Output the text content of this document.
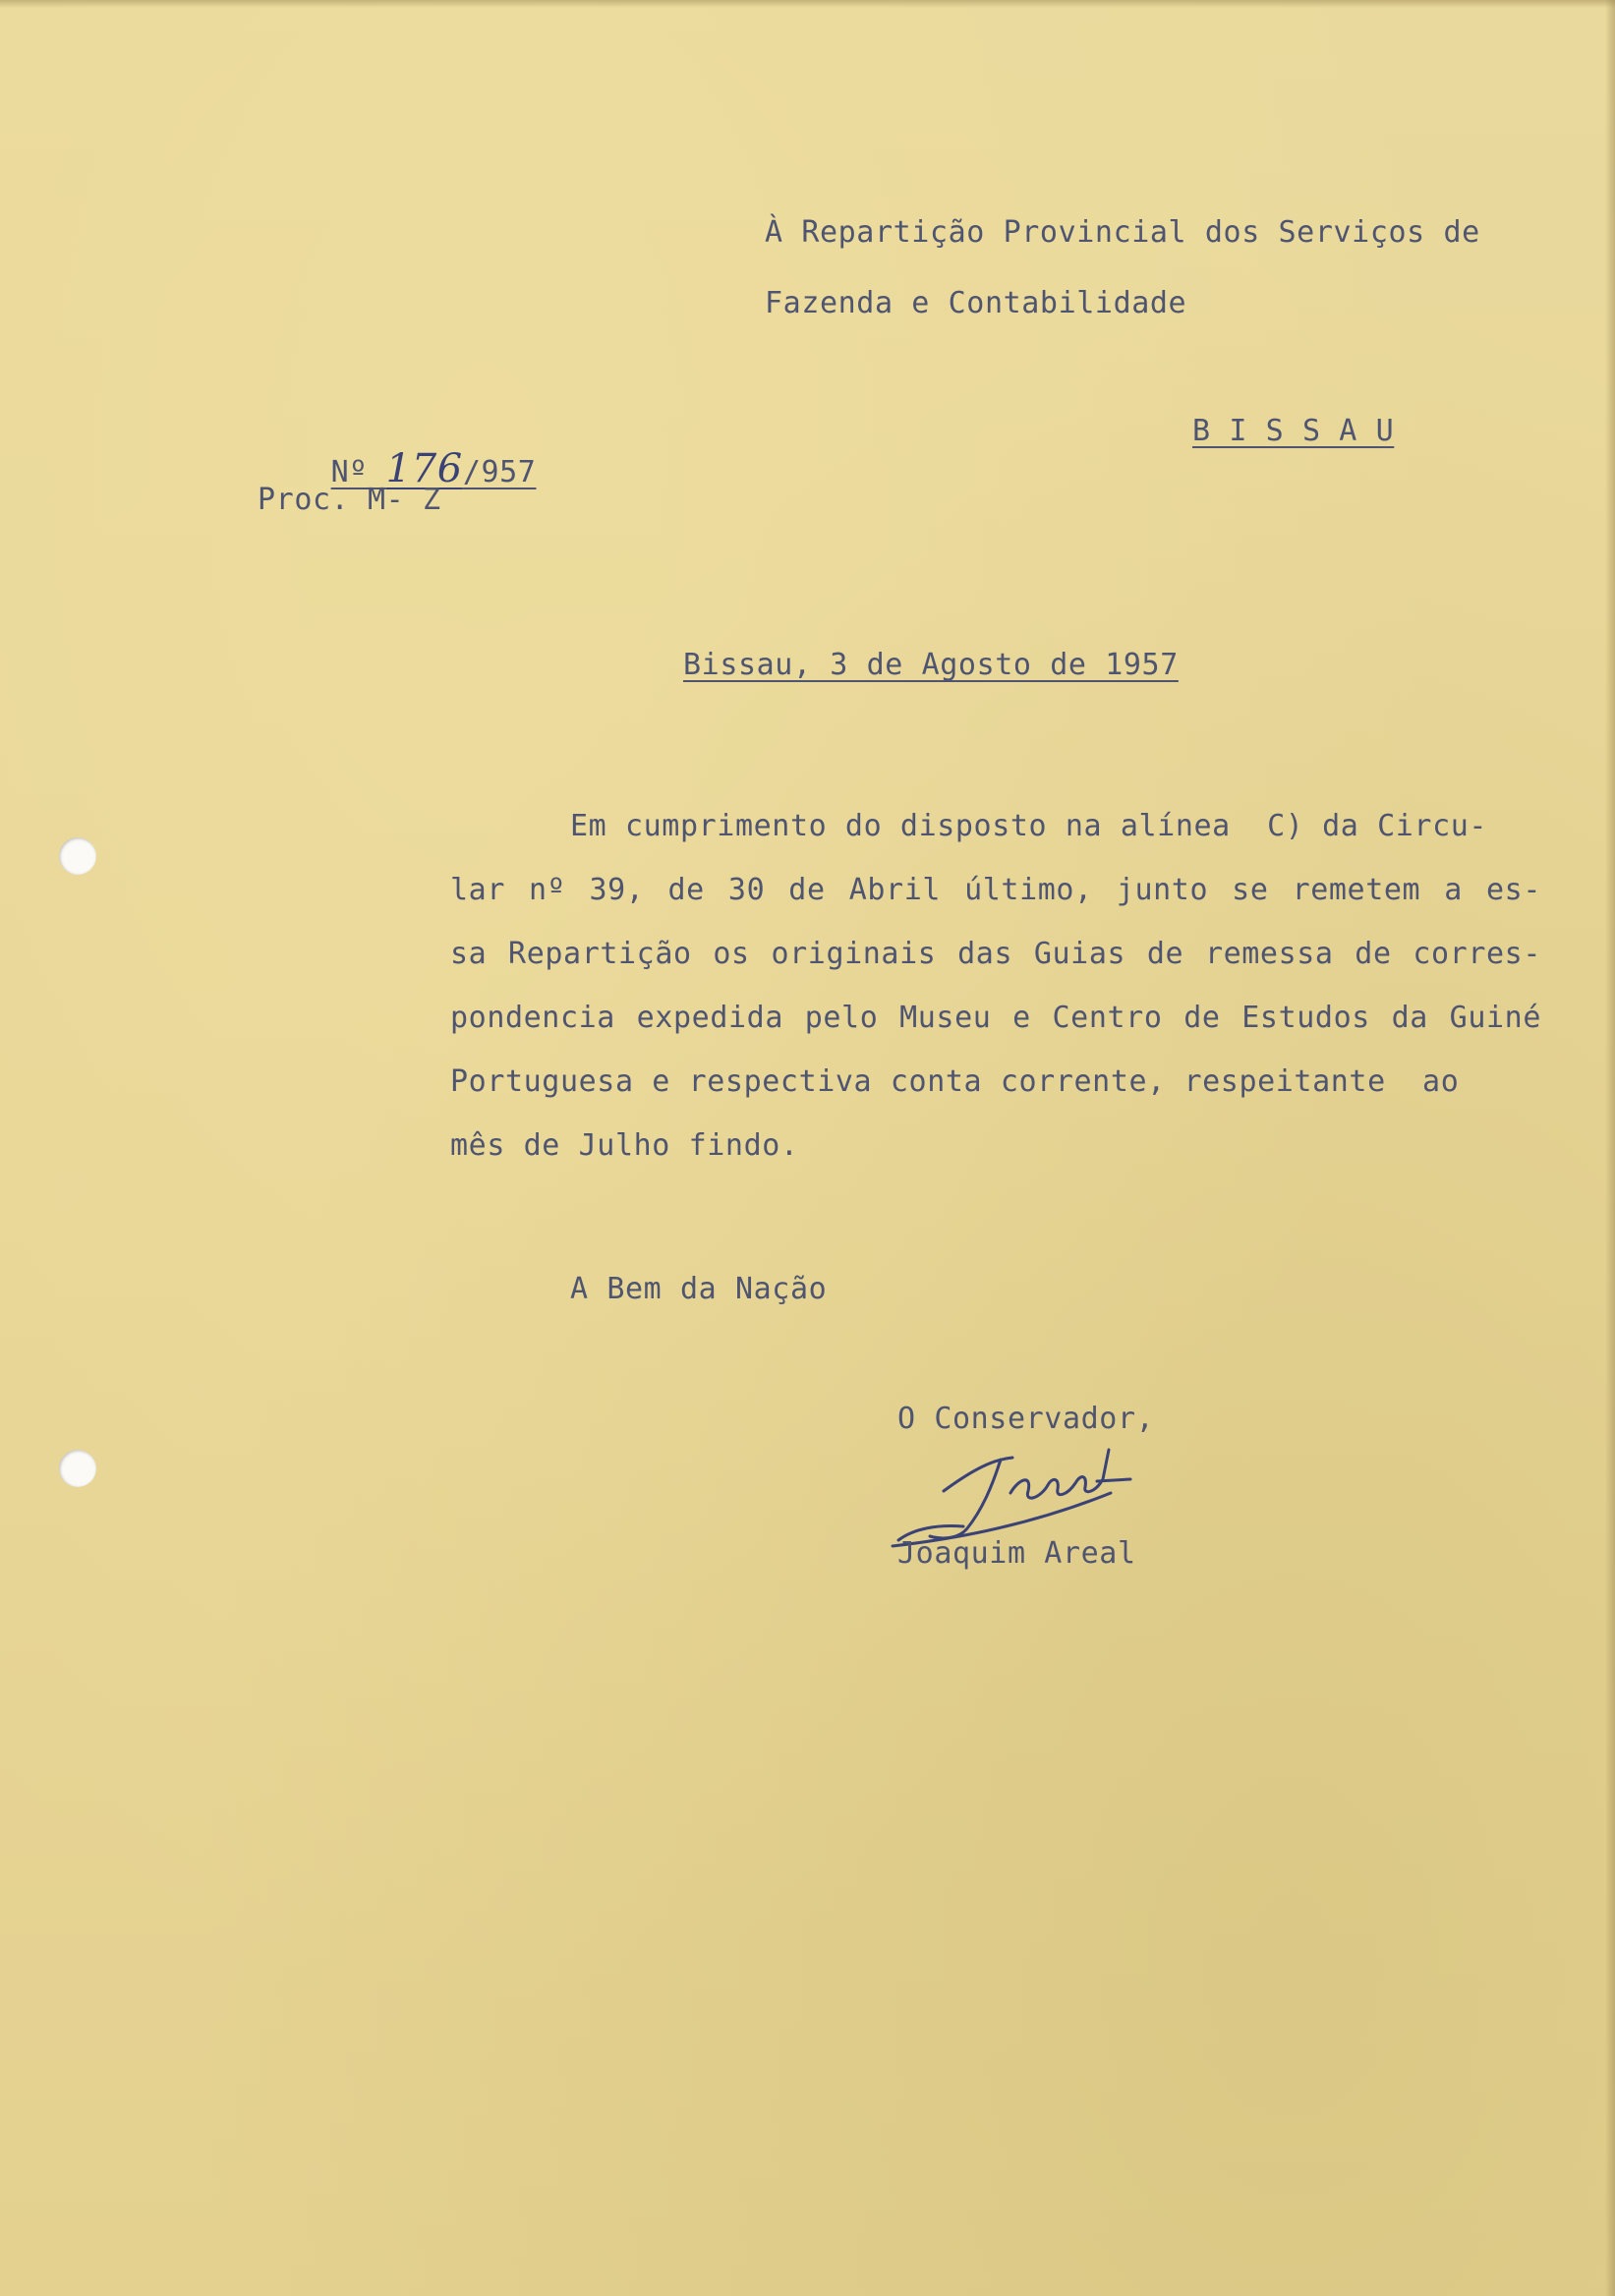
À Repartição Provincial dos Serviços de
Fazenda e Contabilidade

Nº 176/957

Proc. M- Z
B I S S A U
Bissau, 3 de Agosto de 1957
Em cumprimento do disposto na alínea  C) da Circu-
lar nº 39, de 30 de Abril último, junto se remetem a es-
sa Repartição os originais das Guias de remessa de corres-
pondencia expedida pelo Museu e Centro de Estudos da Guiné
Portuguesa e respectiva conta corrente, respeitante  ao
mês de Julho findo.
A Bem da Nação
O Conservador,
Joaquim Areal
